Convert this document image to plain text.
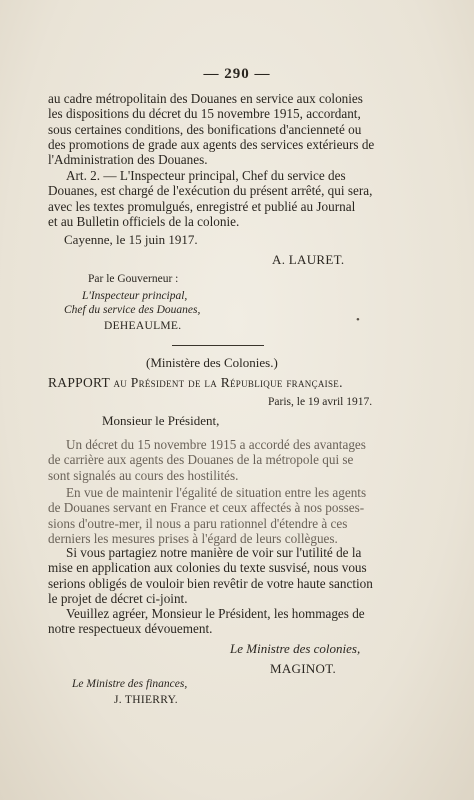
— 290 —
au cadre métropolitain des Douanes en service aux colonies
les dispositions du décret du 15 novembre 1915, accordant,
sous certaines conditions, des bonifications d'ancienneté ou
des promotions de grade aux agents des services extérieurs de
l'Administration des Douanes.
Art. 2. — L'Inspecteur principal, Chef du service des
Douanes, est chargé de l'exécution du présent arrêté, qui sera,
avec les textes promulgués, enregistré et publié au Journal
et au Bulletin officiels de la colonie.
Cayenne, le 15 juin 1917.
A. LAURET.
Par le Gouverneur :
L'Inspecteur principal,
Chef du service des Douanes,
DEHEAULME.	•
(Ministère des Colonies.)
RAPPORT au Président de la République française.
Paris, le 19 avril 1917.
Monsieur le Président,
Un décret du 15 novembre 1915 a accordé des avantages
de carrière aux agents des Douanes de la métropole qui se
sont signalés au cours des hostilités.
En vue de maintenir l'égalité de situation entre les agents
de Douanes servant en France et ceux affectés à nos posses-
sions d'outre-mer, il nous a paru rationnel d'étendre à ces
derniers les mesures prises à l'égard de leurs collègues.
Si vous partagiez notre manière de voir sur l'utilité de la
mise en application aux colonies du texte susvisé, nous vous
serions obligés de vouloir bien revêtir de votre haute sanction
le projet de décret ci-joint.
Veuillez agréer, Monsieur le Président, les hommages de
notre respectueux dévouement.
Le Ministre des colonies,
MAGINOT.
Le Ministre des finances,
J. THIERRY.
